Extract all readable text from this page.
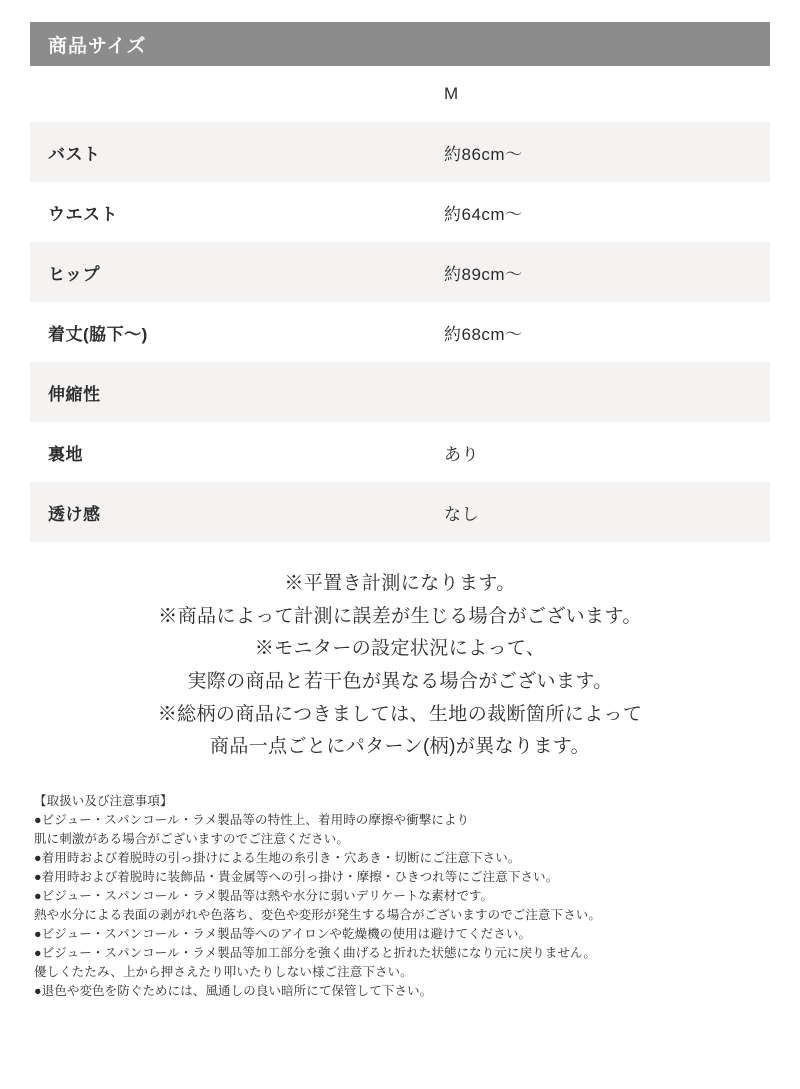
商品サイズ
	M
バスト	約86cm〜
ウエスト	約64cm〜
ヒップ	約89cm〜
着丈(脇下〜)	約68cm〜
伸縮性	
裏地	あり
透け感	なし
※平置き計測になります。
※商品によって計測に誤差が生じる場合がございます。
※モニターの設定状況によって、
実際の商品と若干色が異なる場合がございます。
※総柄の商品につきましては、生地の裁断箇所によって
商品一点ごとにパターン(柄)が異なります。
【取扱い及び注意事項】
●ビジュー・スパンコール・ラメ製品等の特性上、着用時の摩擦や衝撃により
肌に刺激がある場合がございますのでご注意ください。
●着用時および着脱時の引っ掛けによる生地の糸引き・穴あき・切断にご注意下さい。
●着用時および着脱時に装飾品・貴金属等への引っ掛け・摩擦・ひきつれ等にご注意下さい。
●ビジュー・スパンコール・ラメ製品等は熱や水分に弱いデリケートな素材です。
熱や水分による表面の剥がれや色落ち、変色や変形が発生する場合がございますのでご注意下さい。
●ビジュー・スパンコール・ラメ製品等へのアイロンや乾燥機の使用は避けてください。
●ビジュー・スパンコール・ラメ製品等加工部分を強く曲げると折れた状態になり元に戻りません。
優しくたたみ、上から押さえたり叩いたりしない様ご注意下さい。
●退色や変色を防ぐためには、風通しの良い暗所にて保管して下さい。
